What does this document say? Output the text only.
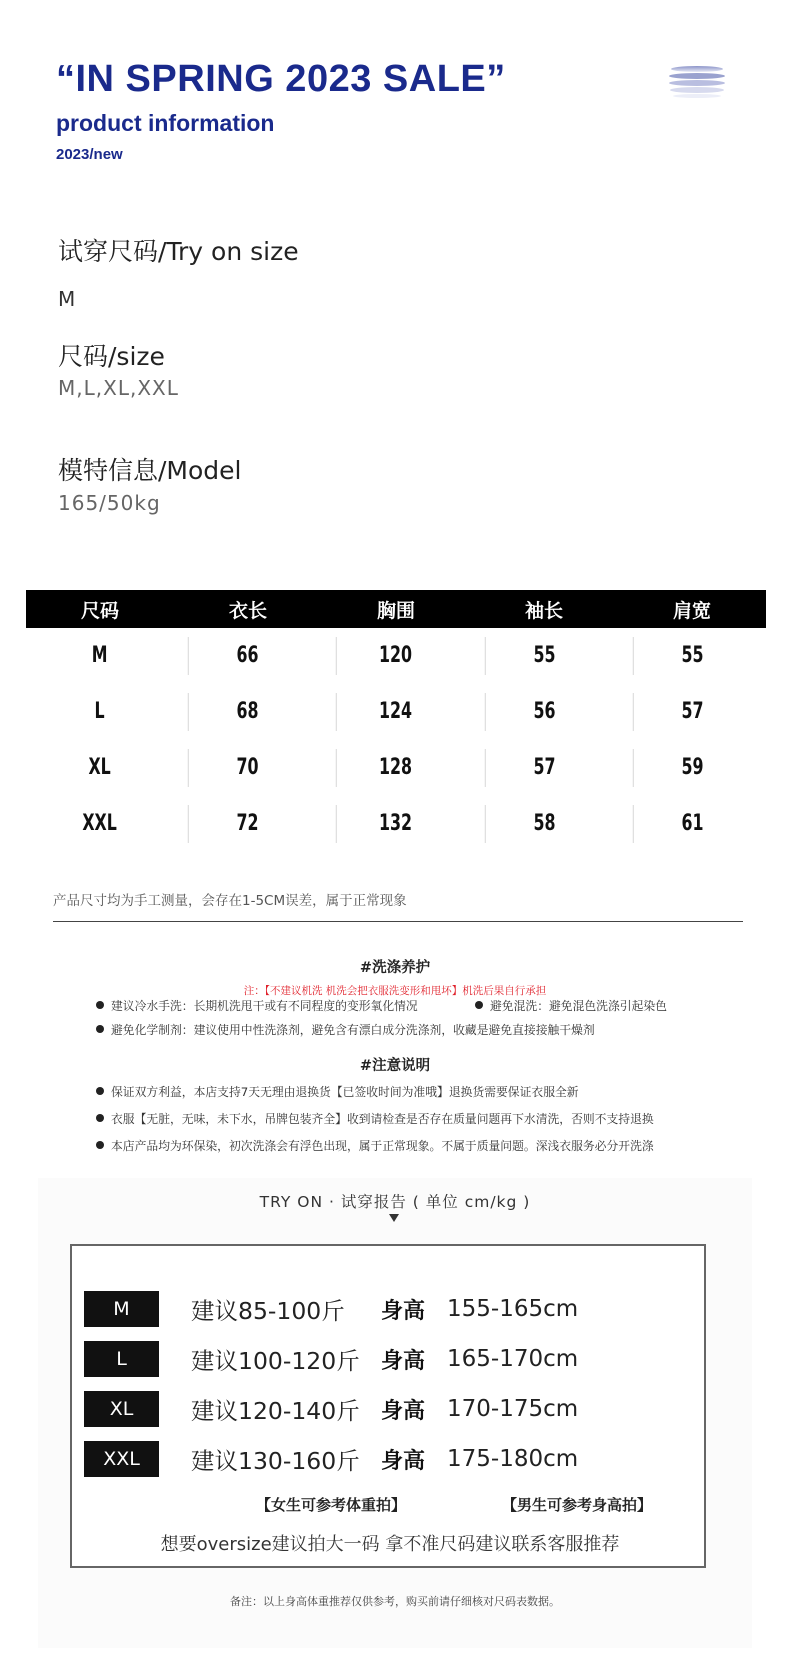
“IN SPRING 2023 SALE”
product information
2023/new
试穿尺码/Try on size
M
尺码/size
M,L,XL,XXL
模特信息/Model
165/50kg
尺码	衣长	胸围	袖长	肩宽
M	66	120	55	55
L	68	124	56	57
XL	70	128	57	59
XXL	72	132	58	61
产品尺寸均为手工测量，会存在1-5CM误差，属于正常现象
#洗涤养护
注：【不建议机洗 机洗会把衣服洗变形和甩坏】机洗后果自行承担
建议冷水手洗：长期机洗甩干或有不同程度的变形氧化情况	避免混洗：避免混色洗涤引起染色
避免化学制剂：建议使用中性洗涤剂，避免含有漂白成分洗涤剂，收藏是避免直接接触干燥剂
#注意说明
保证双方利益，本店支持7天无理由退换货【已签收时间为准哦】退换货需要保证衣服全新
衣服【无脏，无味，未下水，吊牌包装齐全】收到请检查是否存在质量问题再下水清洗，否则不支持退换
本店产品均为环保染，初次洗涤会有浮色出现，属于正常现象。不属于质量问题。深浅衣服务必分开洗涤
TRY ON · 试穿报告 ( 单位 cm/kg )
M	建议85-100斤	身高 155-165cm
L	建议100-120斤 身高 165-170cm
XL	建议120-140斤 身高 170-175cm
XXL	建议130-160斤 身高 175-180cm
【女生可参考体重拍】	【男生可参考身高拍】
想要oversize建议拍大一码 拿不准尺码建议联系客服推荐
备注：以上身高体重推荐仅供参考，购买前请仔细核对尺码表数据。
